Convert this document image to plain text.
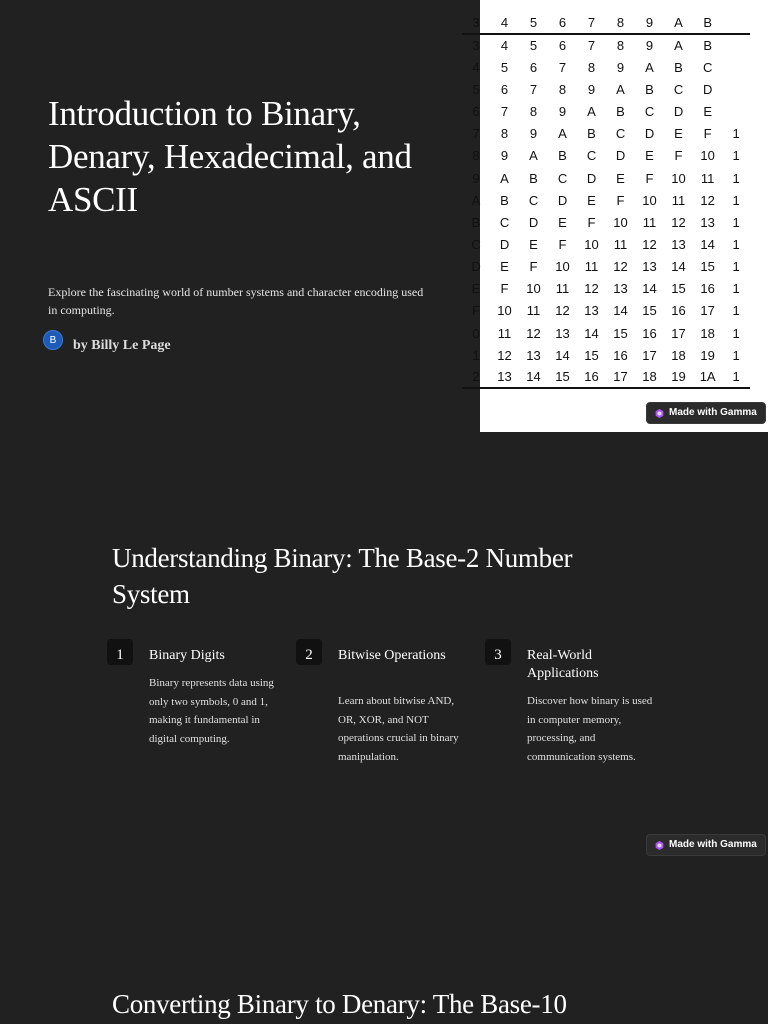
Introduction to Binary, Denary, Hexadecimal, and ASCII

Explore the fascinating world of number systems and character encoding used in computing.

B	by Billy Le Page
3	4	5	6	7	8	9	A	B	
3	4	5	6	7	8	9	A	B	
4	5	6	7	8	9	A	B	C	
5	6	7	8	9	A	B	C	D	
6	7	8	9	A	B	C	D	E	
7	8	9	A	B	C	D	E	F	1
8	9	A	B	C	D	E	F	10	1
9	A	B	C	D	E	F	10	11	1
A	B	C	D	E	F	10	11	12	1
B	C	D	E	F	10	11	12	13	1
C	D	E	F	10	11	12	13	14	1
D	E	F	10	11	12	13	14	15	1
E	F	10	11	12	13	14	15	16	1
F	10	11	12	13	14	15	16	17	1
0	11	12	13	14	15	16	17	18	1
1	12	13	14	15	16	17	18	19	1
2	13	14	15	16	17	18	19	1A	1
Made with Gamma
Understanding Binary: The Base-2 Number System
1	Binary Digits
Binary represents data using only two symbols, 0 and 1, making it fundamental in digital computing.
2	Bitwise Operations
Learn about bitwise AND, OR, XOR, and NOT operations crucial in binary manipulation.
3	Real-World Applications
Discover how binary is used in computer memory, processing, and communication systems.
Made with Gamma
Converting Binary to Denary: The Base-10
